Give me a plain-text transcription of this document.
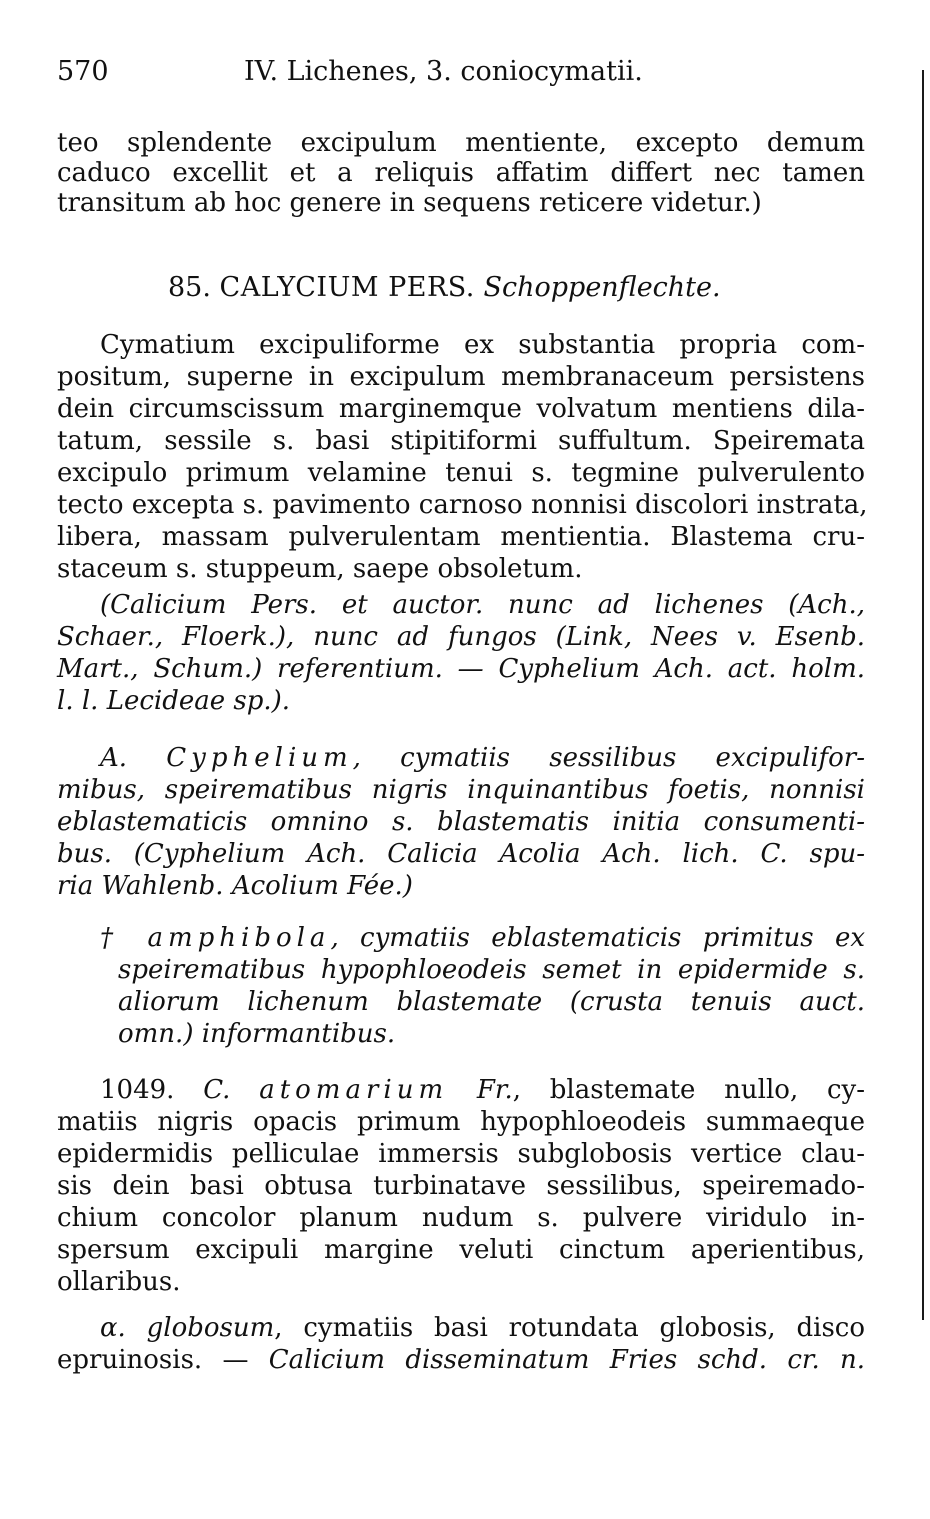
570	IV. Lichenes, 3. coniocymatii.
teo splendente excipulum mentiente, excepto demum
caduco excellit et a reliquis affatim differt nec tamen
transitum ab hoc genere in sequens reticere videtur.)
85. CALYCIUM PERS. Schoppenflechte.
Cymatium excipuliforme ex substantia propria com-
positum, superne in excipulum membranaceum persistens
dein circumscissum marginemque volvatum mentiens dila-
tatum, sessile s. basi stipitiformi suffultum. Speiremata
excipulo primum velamine tenui s. tegmine pulverulento
tecto excepta s. pavimento carnoso nonnisi discolori instrata,
libera, massam pulverulentam mentientia. Blastema cru-
staceum s. stuppeum, saepe obsoletum.
(Calicium Pers. et auctor. nunc ad lichenes (Ach.,
Schaer., Floerk.), nunc ad fungos (Link, Nees v. Esenb.
Mart., Schum.) referentium. — Cyphelium Ach. act. holm.
l. l. Lecideae sp.).
A. Cyphelium, cymatiis sessilibus excipulifor-
mibus, speirematibus nigris inquinantibus foetis, nonnisi
eblastematicis omnino s. blastematis initia consumenti-
bus. (Cyphelium Ach. Calicia Acolia Ach. lich. C. spu-
ria Wahlenb. Acolium Fée.)
† amphibola, cymatiis eblastematicis primitus ex
speirematibus hypophloeodeis semet in epidermide s.
aliorum lichenum blastemate (crusta tenuis auct.
omn.) informantibus.
1049. C. atomarium Fr., blastemate nullo, cy-
matiis nigris opacis primum hypophloeodeis summaeque
epidermidis pelliculae immersis subglobosis vertice clau-
sis dein basi obtusa turbinatave sessilibus, speiremado-
chium concolor planum nudum s. pulvere viridulo in-
spersum excipuli margine veluti cinctum aperientibus,
ollaribus.
α. globosum, cymatiis basi rotundata globosis, disco
epruinosis. — Calicium disseminatum Fries schd. cr. n.
